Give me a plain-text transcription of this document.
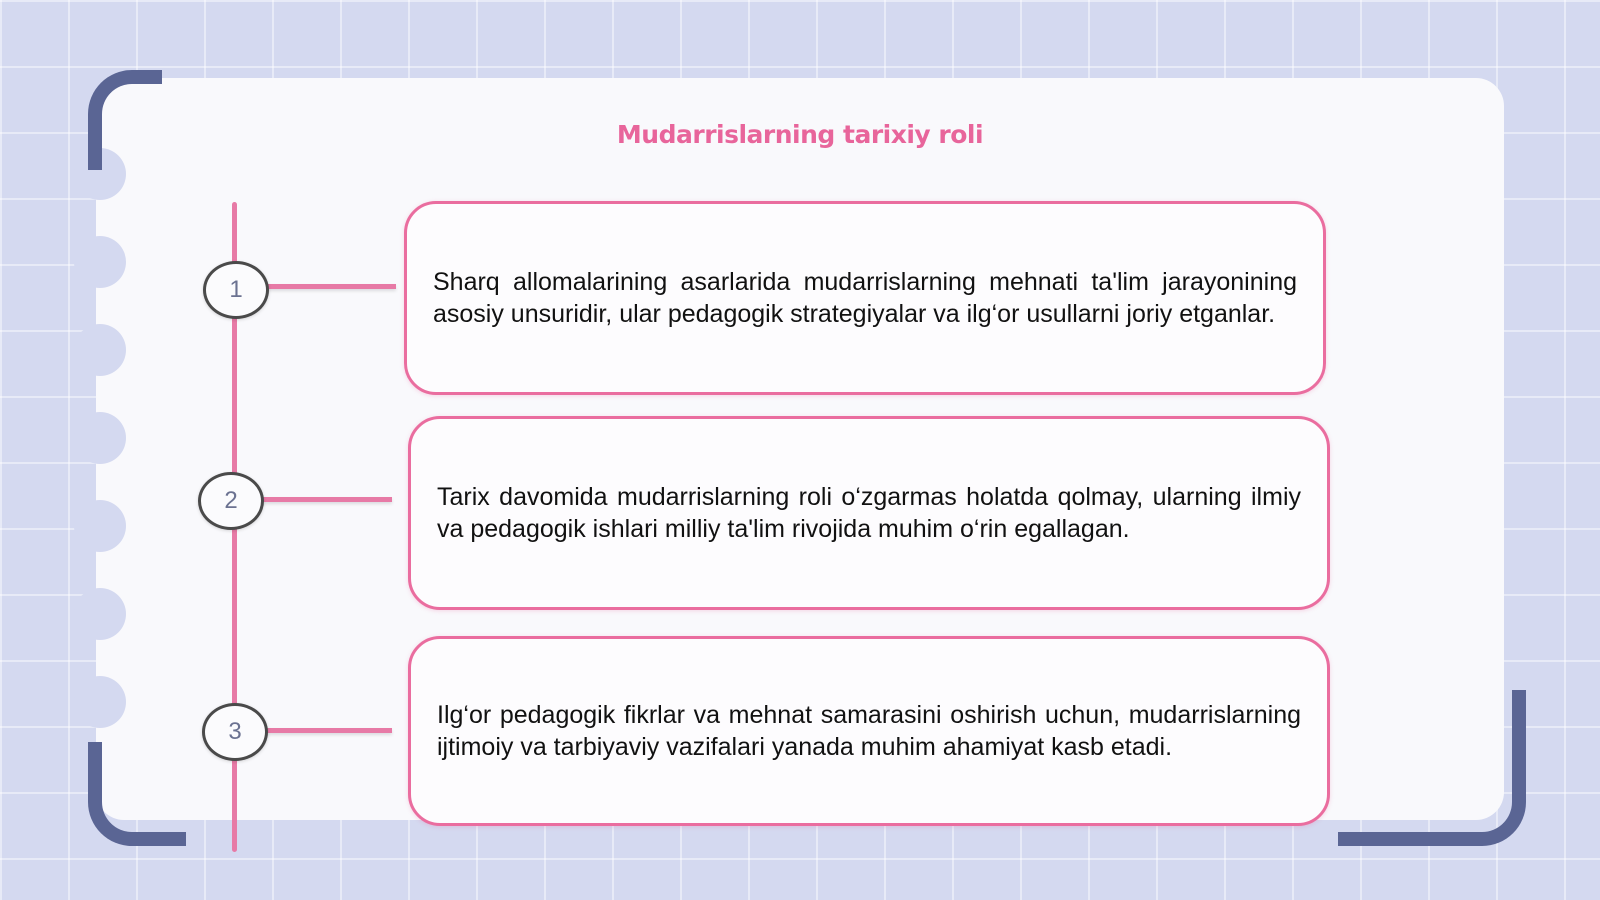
Mudarrislarning tarixiy roli
1	Sharq allomalarining asarlarida mudarrislarning mehnati ta'lim jarayonining asosiy unsuridir, ular pedagogik strategiyalar va ilg‘or usullarni joriy etganlar.

2	Tarix davomida mudarrislarning roli o‘zgarmas holatda qolmay, ularning ilmiy va pedagogik ishlari milliy ta'lim rivojida muhim o‘rin egallagan.

3

Ilg‘or pedagogik fikrlar va mehnat samarasini oshirish uchun, mudarrislarning ijtimoiy va tarbiyaviy vazifalari yanada muhim ahamiyat kasb etadi.
